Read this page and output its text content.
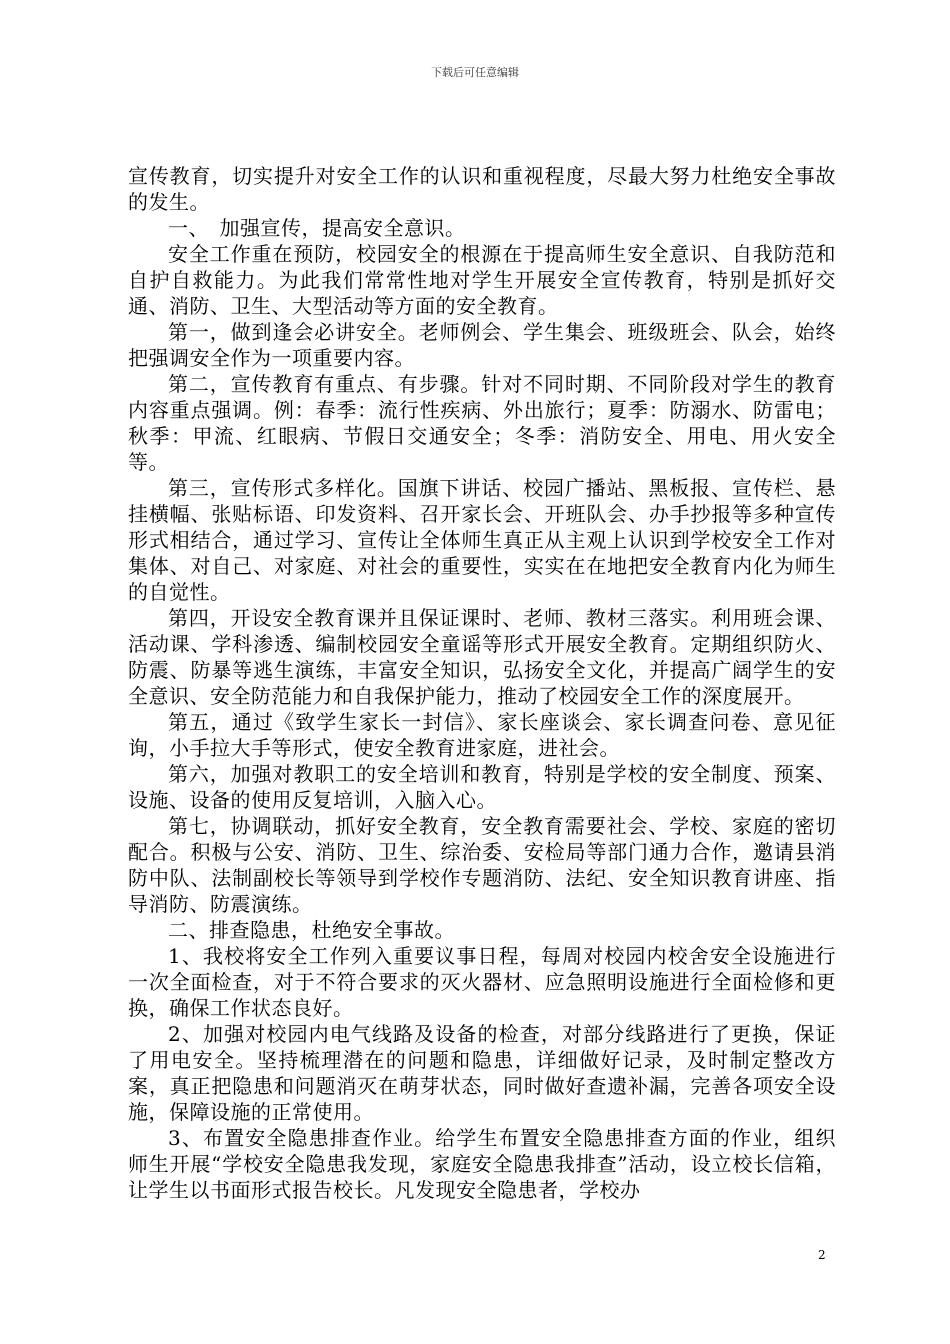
下载后可任意编辑

宣传教育，切实提升对安全工作的认识和重视程度，尽最大努力杜绝安全事故的发生。

一、　加强宣传，提高安全意识。

安全工作重在预防，校园安全的根源在于提高师生安全意识、自我防范和自护自救能力。为此我们常常性地对学生开展安全宣传教育，特别是抓好交通、消防、卫生、大型活动等方面的安全教育。

第一，做到逢会必讲安全。老师例会、学生集会、班级班会、队会，始终把强调安全作为一项重要内容。

第二，宣传教育有重点、有步骤。针对不同时期、不同阶段对学生的教育内容重点强调。例：春季：流行性疾病、外出旅行；夏季：防溺水、防雷电；秋季：甲流、红眼病、节假日交通安全；冬季：消防安全、用电、用火安全等。

第三，宣传形式多样化。国旗下讲话、校园广播站、黑板报、宣传栏、悬挂横幅、张贴标语、印发资料、召开家长会、开班队会、办手抄报等多种宣传形式相结合，通过学习、宣传让全体师生真正从主观上认识到学校安全工作对集体、对自己、对家庭、对社会的重要性，实实在在地把安全教育内化为师生的自觉性。

第四，开设安全教育课并且保证课时、老师、教材三落实。利用班会课、活动课、学科渗透、编制校园安全童谣等形式开展安全教育。定期组织防火、防震、防暴等逃生演练，丰富安全知识，弘扬安全文化，并提高广阔学生的安全意识、安全防范能力和自我保护能力，推动了校园安全工作的深度展开。

第五，通过《致学生家长一封信》、家长座谈会、家长调查问卷、意见征询，小手拉大手等形式，使安全教育进家庭，进社会。

第六，加强对教职工的安全培训和教育，特别是学校的安全制度、预案、设施、设备的使用反复培训，入脑入心。

第七，协调联动，抓好安全教育，安全教育需要社会、学校、家庭的密切配合。积极与公安、消防、卫生、综治委、安检局等部门通力合作，邀请县消防中队、法制副校长等领导到学校作专题消防、法纪、安全知识教育讲座、指导消防、防震演练。

二、排查隐患，杜绝安全事故。

1、我校将安全工作列入重要议事日程，每周对校园内校舍安全设施进行一次全面检查，对于不符合要求的灭火器材、应急照明设施进行全面检修和更换，确保工作状态良好。

2、加强对校园内电气线路及设备的检查，对部分线路进行了更换，保证了用电安全。坚持梳理潜在的问题和隐患，详细做好记录，及时制定整改方案，真正把隐患和问题消灭在萌芽状态，同时做好查遗补漏，完善各项安全设施，保障设施的正常使用。

3、布置安全隐患排查作业。给学生布置安全隐患排查方面的作业，组织师生开展“学校安全隐患我发现，家庭安全隐患我排查”活动，设立校长信箱，让学生以书面形式报告校长。凡发现安全隐患者，学校办

2
